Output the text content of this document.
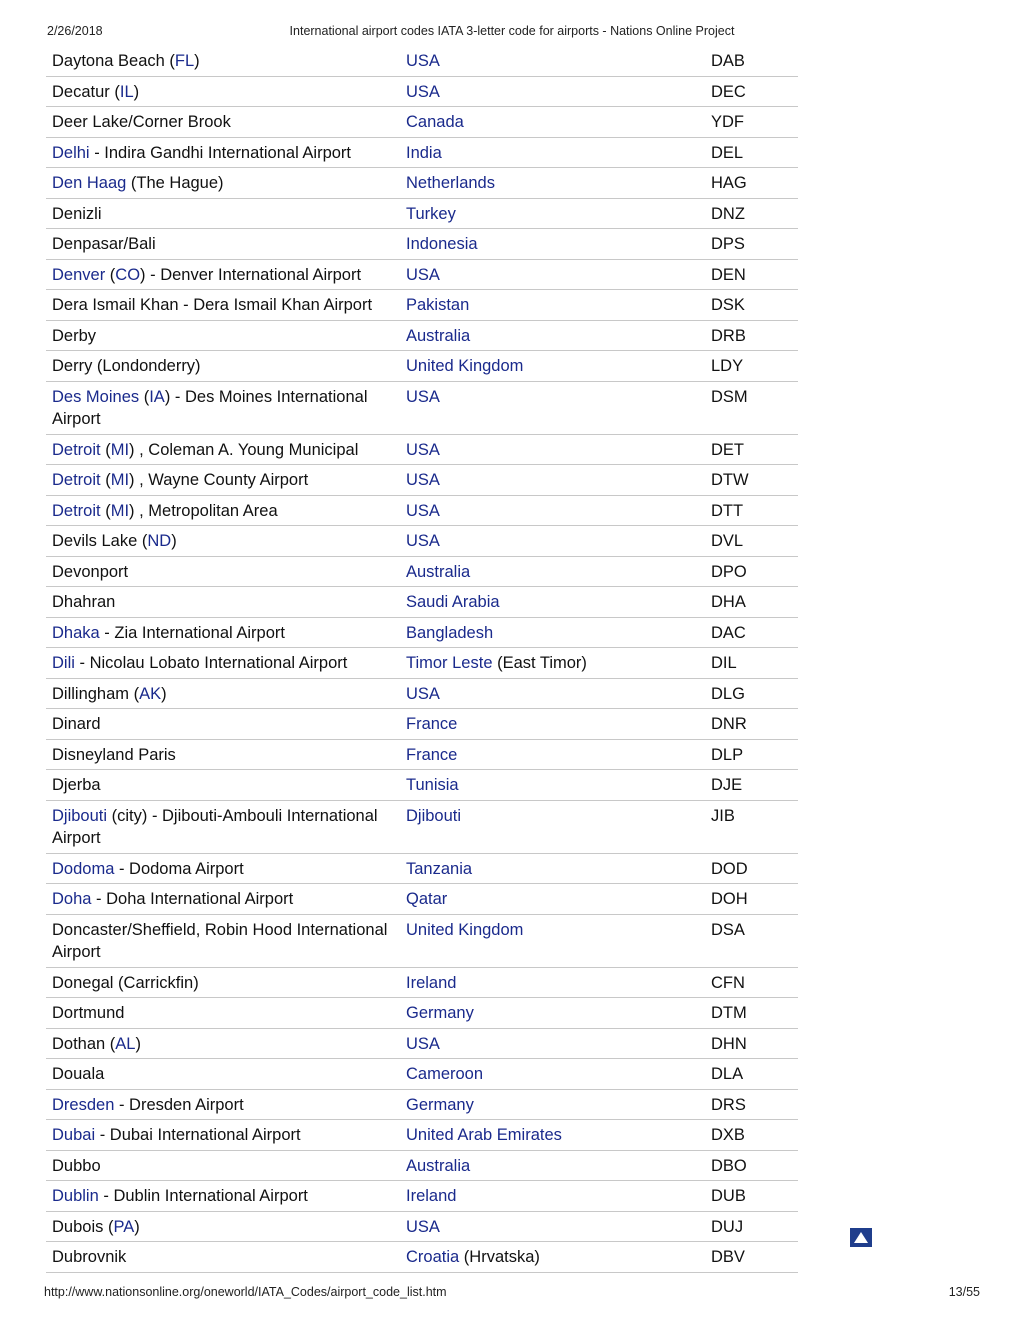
2/26/2018	International airport codes IATA 3-letter code for airports - Nations Online Project
Daytona Beach (FL)	USA	DAB
Decatur (IL)	USA	DEC
Deer Lake/Corner Brook	Canada	YDF
Delhi - Indira Gandhi International Airport	India	DEL
Den Haag (The Hague)	Netherlands	HAG
Denizli	Turkey	DNZ
Denpasar/Bali	Indonesia	DPS
Denver (CO) - Denver International Airport	USA	DEN
Dera Ismail Khan - Dera Ismail Khan Airport	Pakistan	DSK
Derby	Australia	DRB
Derry (Londonderry)	United Kingdom	LDY
Des Moines (IA) - Des Moines International Airport	USA	DSM
Detroit (MI) , Coleman A. Young Municipal	USA	DET
Detroit (MI) , Wayne County Airport	USA	DTW
Detroit (MI) , Metropolitan Area	USA	DTT
Devils Lake (ND)	USA	DVL
Devonport	Australia	DPO
Dhahran	Saudi Arabia	DHA
Dhaka - Zia International Airport	Bangladesh	DAC
Dili - Nicolau Lobato International Airport	Timor Leste (East Timor)	DIL
Dillingham (AK)	USA	DLG
Dinard	France	DNR
Disneyland Paris	France	DLP
Djerba	Tunisia	DJE
Djibouti (city) - Djibouti-Ambouli International Airport	Djibouti	JIB
Dodoma - Dodoma Airport	Tanzania	DOD
Doha - Doha International Airport	Qatar	DOH
Doncaster/Sheffield, Robin Hood International Airport	United Kingdom	DSA
Donegal (Carrickfin)	Ireland	CFN
Dortmund	Germany	DTM
Dothan (AL)	USA	DHN
Douala	Cameroon	DLA
Dresden - Dresden Airport	Germany	DRS
Dubai - Dubai International Airport	United Arab Emirates	DXB
Dubbo	Australia	DBO
Dublin - Dublin International Airport	Ireland	DUB
Dubois (PA)	USA	DUJ
Dubrovnik	Croatia (Hrvatska)	DBV
http://www.nationsonline.org/oneworld/IATA_Codes/airport_code_list.htm	13/55
